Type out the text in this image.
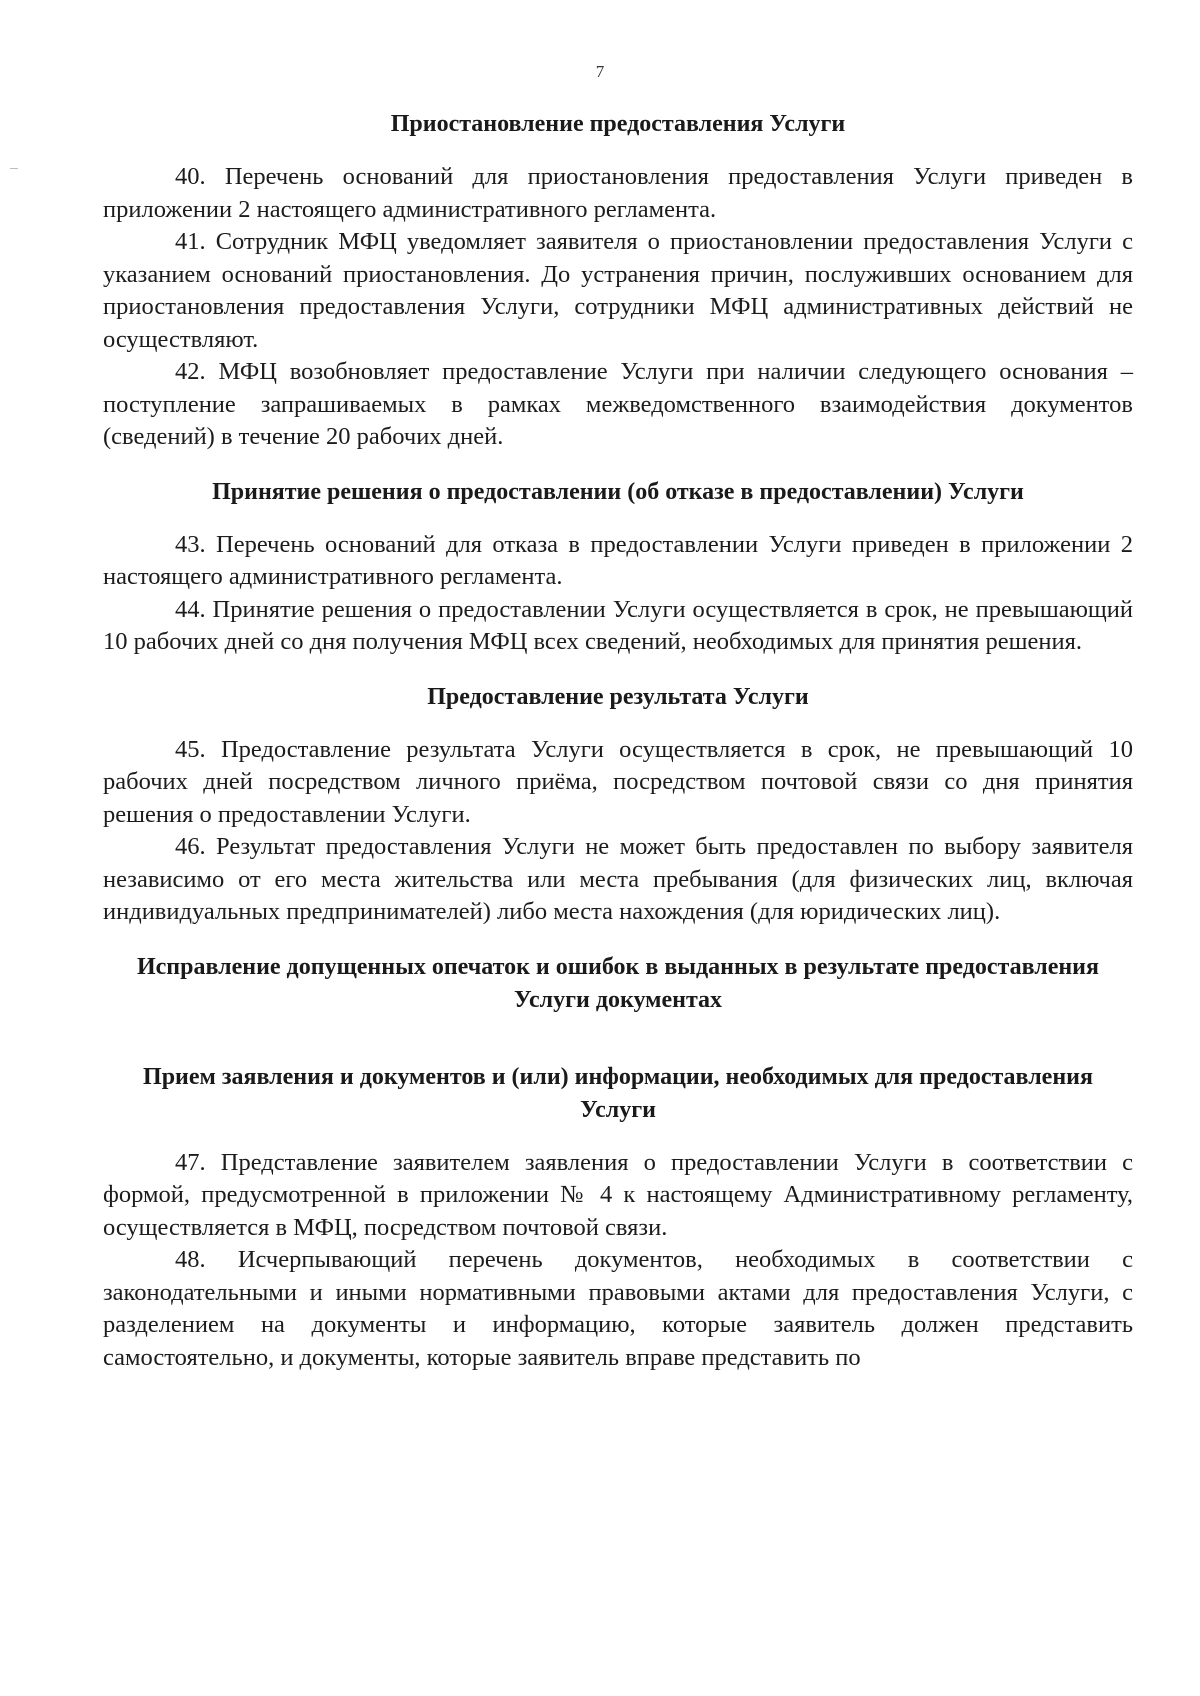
7
Приостановление предоставления Услуги

40. Перечень оснований для приостановления предоставления Услуги приведен в приложении 2 настоящего административного регламента.

41. Сотрудник МФЦ уведомляет заявителя о приостановлении предоставления Услуги с указанием оснований приостановления. До устранения причин, послуживших основанием для приостановления предоставления Услуги, сотрудники МФЦ административных действий не осуществляют.

42. МФЦ возобновляет предоставление Услуги при наличии следующего основания – поступление запрашиваемых в рамках межведомственного взаимодействия документов (сведений) в течение 20 рабочих дней.

Принятие решения о предоставлении (об отказе в предоставлении) Услуги

43. Перечень оснований для отказа в предоставлении Услуги приведен в приложении 2 настоящего административного регламента.

44. Принятие решения о предоставлении Услуги осуществляется в срок, не превышающий 10 рабочих дней со дня получения МФЦ всех сведений, необходимых для принятия решения.

Предоставление результата Услуги

45. Предоставление результата Услуги осуществляется в срок, не превышающий 10 рабочих дней посредством личного приёма, посредством почтовой связи со дня принятия решения о предоставлении Услуги.

46. Результат предоставления Услуги не может быть предоставлен по выбору заявителя независимо от его места жительства или места пребывания (для физических лиц, включая индивидуальных предпринимателей) либо места нахождения (для юридических лиц).

Исправление допущенных опечаток и ошибок в выданных в результате предоставления Услуги документах
Прием заявления и документов и (или) информации, необходимых для предоставления Услуги

47. Представление заявителем заявления о предоставлении Услуги в соответствии с формой, предусмотренной в приложении № 4 к настоящему Административному регламенту, осуществляется в МФЦ, посредством почтовой связи.

48. Исчерпывающий перечень документов, необходимых в соответствии с законодательными и иными нормативными правовыми актами для предоставления Услуги, с разделением на документы и информацию, которые заявитель должен представить самостоятельно, и документы, которые заявитель вправе представить по
